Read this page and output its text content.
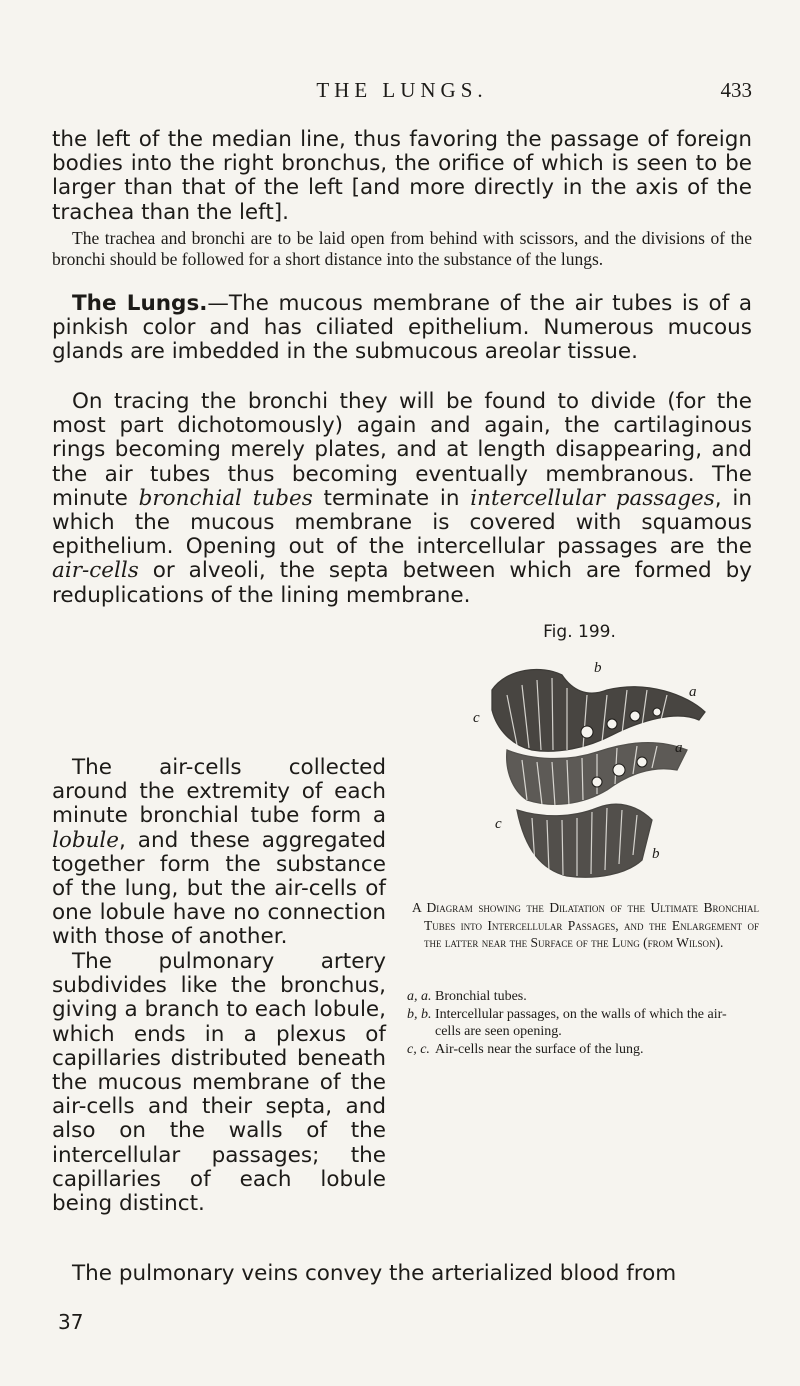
THE LUNGS.	433

the left of the median line, thus favoring the passage of foreign bodies into the right bronchus, the orifice of which is seen to be larger than that of the left [and more directly in the axis of the trachea than the left].

The trachea and bronchi are to be laid open from behind with scissors, and the divisions of the bronchi should be followed for a short distance into the substance of the lungs.

The Lungs.—The mucous membrane of the air tubes is of a pinkish color and has ciliated epithelium. Numerous mucous glands are imbedded in the submucous areolar tissue.

On tracing the bronchi they will be found to divide (for the most part dichotomously) again and again, the cartilaginous rings becoming merely plates, and at length disappearing, and the air tubes thus becoming eventually membranous. The minute bronchial tubes terminate in intercellular passages, in which the mucous membrane is covered with squamous epithelium. Opening out of the intercellular passages are the air-cells or alveoli, the septa between which are formed by reduplications of the lining membrane.

Fig. 199.
b
a
c
a
c
b

A Diagram showing the Dilatation of the Ultimate Bronchial Tubes into Intercellular Passages, and the Enlargement of the latter near the Surface of the Lung (from Wilson).

a, a. Bronchial tubes.
b, b. Intercellular passages, on the walls of which the air-cells are seen opening.
c, c. Air-cells near the surface of the lung.

The air-cells collected around the extremity of each minute bronchial tube form a lobule, and these aggregated together form the substance of the lung, but the air-cells of one lobule have no connection with those of another.

The pulmonary artery subdivides like the bronchus, giving a branch to each lobule, which ends in a plexus of capillaries distributed beneath the mucous membrane of the air-cells and their septa, and also on the walls of the intercellular passages; the capillaries of each lobule being distinct.

The pulmonary veins convey the arterialized blood from

37
